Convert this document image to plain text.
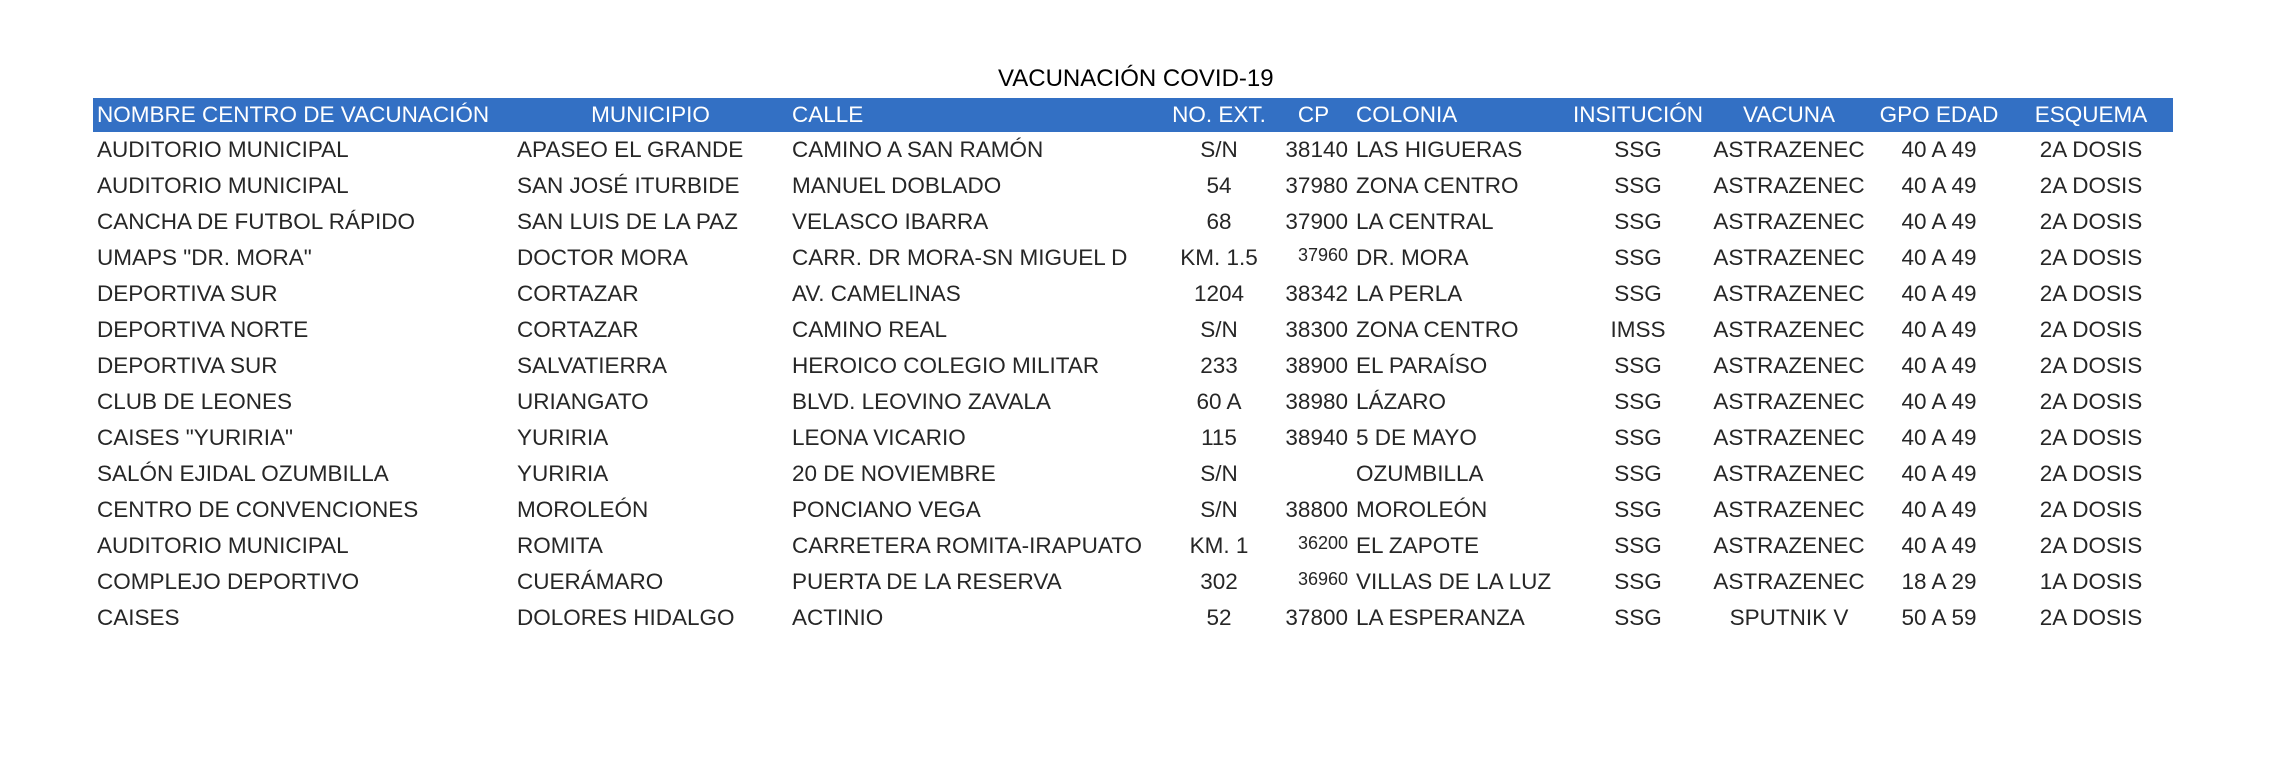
VACUNACIÓN COVID-19
NOMBRE CENTRO DE VACUNACIÓN	MUNICIPIO	CALLE	NO. EXT.	CP	COLONIA	INSITUCIÓN	VACUNA	GPO EDAD	ESQUEMA
AUDITORIO MUNICIPAL	APASEO EL GRANDE	CAMINO A SAN RAMÓN	S/N	38140	LAS HIGUERAS	SSG	ASTRAZENEC	40 A 49	2A DOSIS
AUDITORIO MUNICIPAL	SAN JOSÉ ITURBIDE	MANUEL DOBLADO	54	37980	ZONA CENTRO	SSG	ASTRAZENEC	40 A 49	2A DOSIS
CANCHA DE FUTBOL RÁPIDO	SAN LUIS DE LA PAZ	VELASCO IBARRA	68	37900	LA CENTRAL	SSG	ASTRAZENEC	40 A 49	2A DOSIS
UMAPS "DR. MORA"	DOCTOR MORA	CARR. DR MORA-SN MIGUEL D	KM. 1.5	37960	DR. MORA	SSG	ASTRAZENEC	40 A 49	2A DOSIS
DEPORTIVA SUR	CORTAZAR	AV. CAMELINAS	1204	38342	LA PERLA	SSG	ASTRAZENEC	40 A 49	2A DOSIS
DEPORTIVA NORTE	CORTAZAR	CAMINO REAL	S/N	38300	ZONA CENTRO	IMSS	ASTRAZENEC	40 A 49	2A DOSIS
DEPORTIVA SUR	SALVATIERRA	HEROICO COLEGIO MILITAR	233	38900	EL PARAÍSO	SSG	ASTRAZENEC	40 A 49	2A DOSIS
CLUB DE LEONES	URIANGATO	BLVD. LEOVINO ZAVALA	60 A	38980	LÁZARO	SSG	ASTRAZENEC	40 A 49	2A DOSIS
CAISES "YURIRIA"	YURIRIA	LEONA VICARIO	115	38940	5 DE MAYO	SSG	ASTRAZENEC	40 A 49	2A DOSIS
SALÓN EJIDAL OZUMBILLA	YURIRIA	20 DE NOVIEMBRE	S/N		OZUMBILLA	SSG	ASTRAZENEC	40 A 49	2A DOSIS
CENTRO DE CONVENCIONES	MOROLEÓN	PONCIANO VEGA	S/N	38800	MOROLEÓN	SSG	ASTRAZENEC	40 A 49	2A DOSIS
AUDITORIO MUNICIPAL	ROMITA	CARRETERA ROMITA-IRAPUATO	KM. 1	36200	EL ZAPOTE	SSG	ASTRAZENEC	40 A 49	2A DOSIS
COMPLEJO DEPORTIVO	CUERÁMARO	PUERTA DE LA RESERVA	302	36960	VILLAS DE LA LUZ	SSG	ASTRAZENEC	18 A 29	1A DOSIS
CAISES	DOLORES HIDALGO	ACTINIO	52	37800	LA ESPERANZA	SSG	SPUTNIK V	50 A 59	2A DOSIS
